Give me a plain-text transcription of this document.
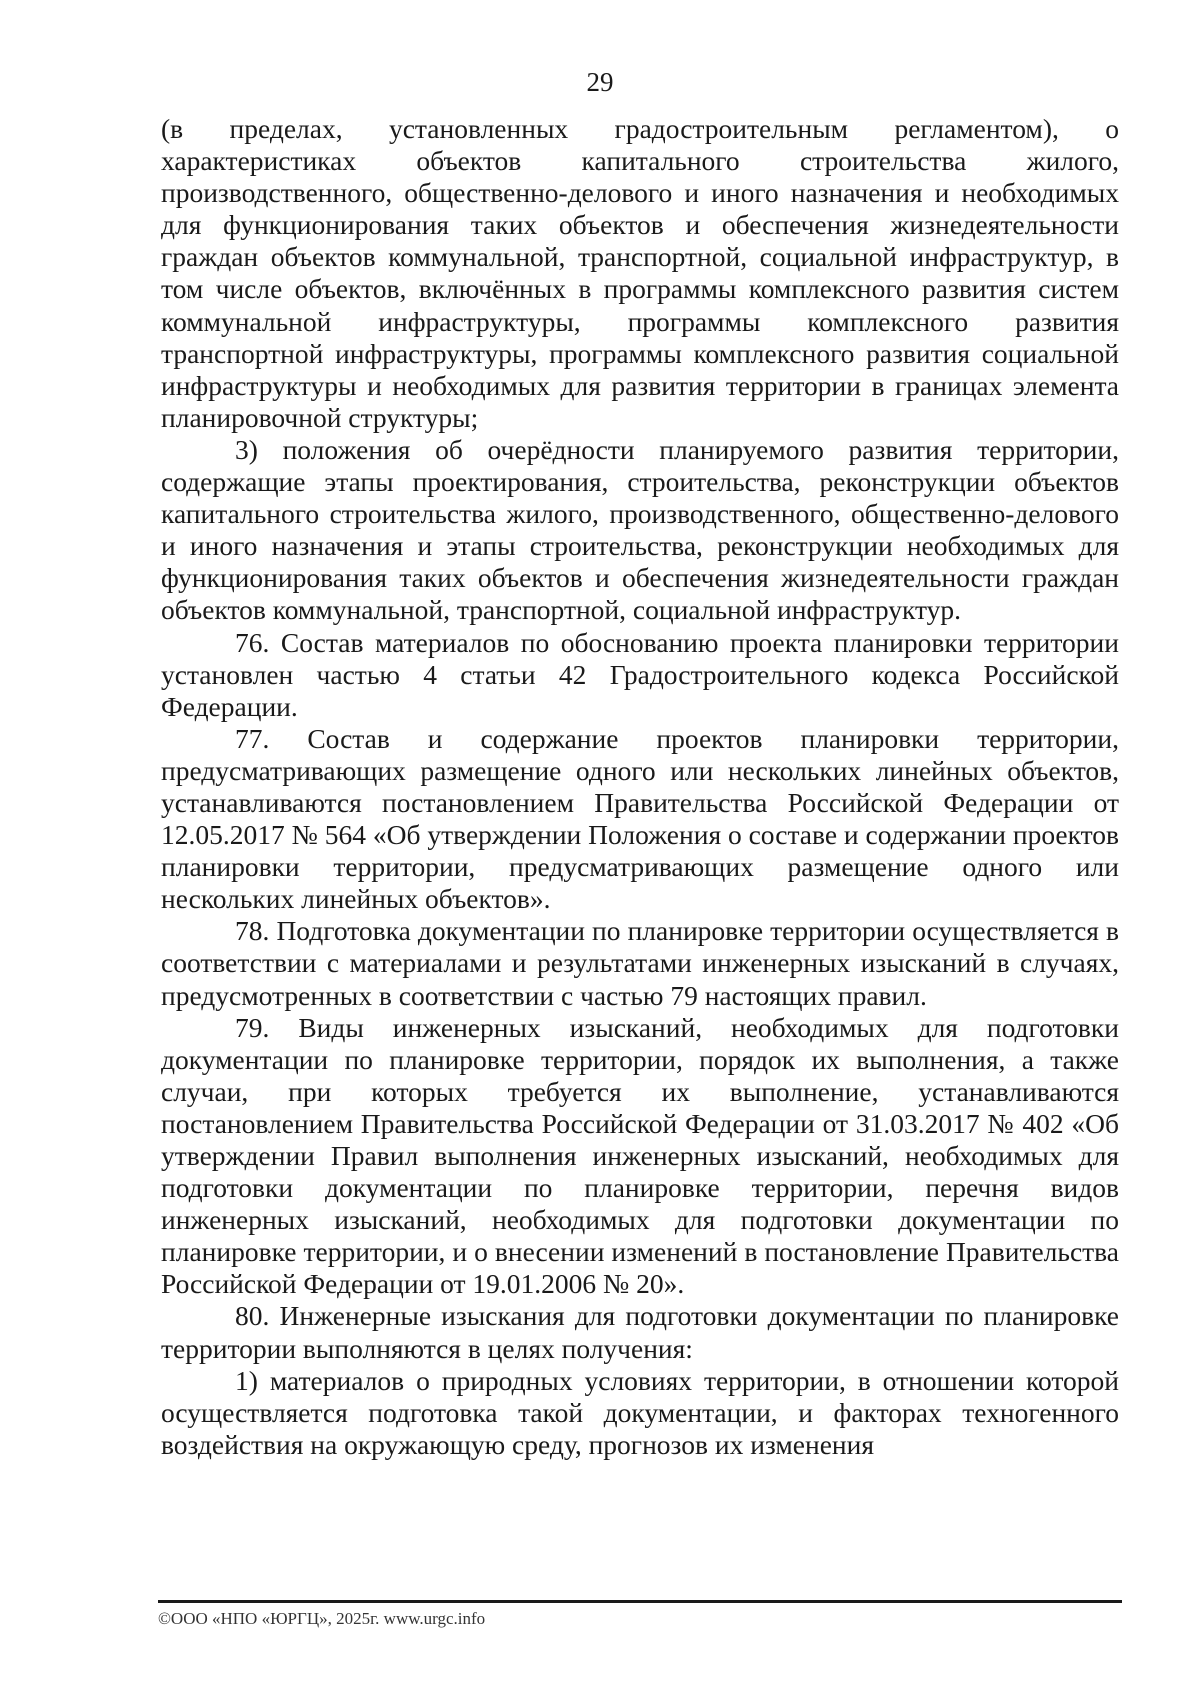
29

(в пределах, установленных градостроительным регламентом), о характеристиках объектов капитального строительства жилого, производственного, общественно-делового и иного назначения и необходимых для функционирования таких объектов и обеспечения жизнедеятельности граждан объектов коммунальной, транспортной, социальной инфраструктур, в том числе объектов, включённых в программы комплексного развития систем коммунальной инфраструктуры, программы комплексного развития транспортной инфраструктуры, программы комплексного развития социальной инфраструктуры и необходимых для развития территории в границах элемента планировочной структуры;

3) положения об очерёдности планируемого развития территории, содержащие этапы проектирования, строительства, реконструкции объектов капитального строительства жилого, производственного, общественно-делового и иного назначения и этапы строительства, реконструкции необходимых для функционирования таких объектов и обеспечения жизнедеятельности граждан объектов коммунальной, транспортной, социальной инфраструктур.

76. Состав материалов по обоснованию проекта планировки территории установлен частью 4 статьи 42 Градостроительного кодекса Российской Федерации.

77. Состав и содержание проектов планировки территории, предусматривающих размещение одного или нескольких линейных объектов, устанавливаются постановлением Правительства Российской Федерации от 12.05.2017 № 564 «Об утверждении Положения о составе и содержании проектов планировки территории, предусматривающих размещение одного или нескольких линейных объектов».

78. Подготовка документации по планировке территории осуществляется в соответствии с материалами и результатами инженерных изысканий в случаях, предусмотренных в соответствии с частью 79 настоящих правил.

79. Виды инженерных изысканий, необходимых для подготовки документации по планировке территории, порядок их выполнения, а также случаи, при которых требуется их выполнение, устанавливаются постановлением Правительства Российской Федерации от 31.03.2017 № 402 «Об утверждении Правил выполнения инженерных изысканий, необходимых для подготовки документации по планировке территории, перечня видов инженерных изысканий, необходимых для подготовки документации по планировке территории, и о внесении изменений в постановление Правительства Российской Федерации от 19.01.2006 № 20».

80. Инженерные изыскания для подготовки документации по планировке территории выполняются в целях получения:

1) материалов о природных условиях территории, в отношении которой осуществляется подготовка такой документации, и факторах техногенного воздействия на окружающую среду, прогнозов их изменения

©ООО «НПО «ЮРГЦ», 2025г. www.urgc.info
